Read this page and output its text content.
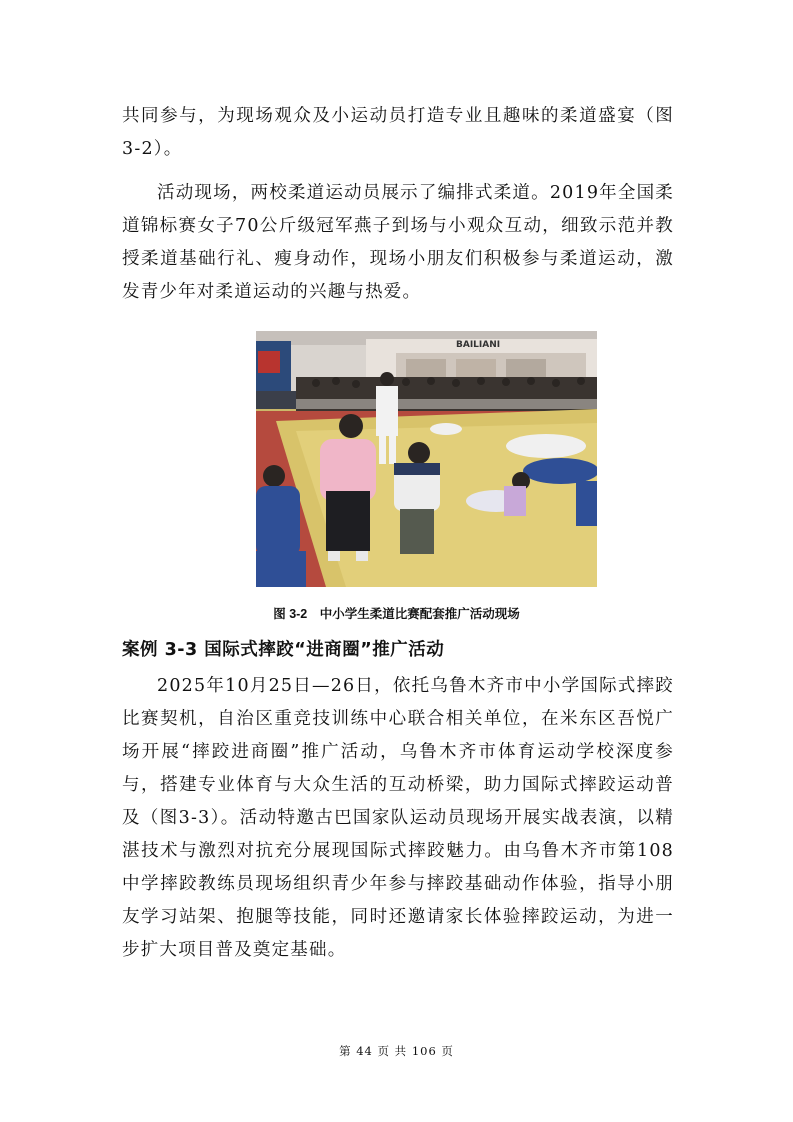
共同参与，为现场观众及小运动员打造专业且趣味的柔道盛宴（图3-2）。

活动现场，两校柔道运动员展示了编排式柔道。2019年全国柔道锦标赛女子70公斤级冠军燕子到场与小观众互动，细致示范并教授柔道基础行礼、瘦身动作，现场小朋友们积极参与柔道运动，激发青少年对柔道运动的兴趣与热爱。

BAILIANI
图 3-2　中小学生柔道比赛配套推广活动现场
案例 3-3 国际式摔跤“进商圈”推广活动

2025年10月25日—26日，依托乌鲁木齐市中小学国际式摔跤比赛契机，自治区重竞技训练中心联合相关单位，在米东区吾悦广场开展“摔跤进商圈”推广活动，乌鲁木齐市体育运动学校深度参与，搭建专业体育与大众生活的互动桥梁，助力国际式摔跤运动普及（图3-3）。活动特邀古巴国家队运动员现场开展实战表演，以精湛技术与激烈对抗充分展现国际式摔跤魅力。由乌鲁木齐市第108中学摔跤教练员现场组织青少年参与摔跤基础动作体验，指导小朋友学习站架、抱腿等技能，同时还邀请家长体验摔跤运动，为进一步扩大项目普及奠定基础。

第 44 页 共 106 页
